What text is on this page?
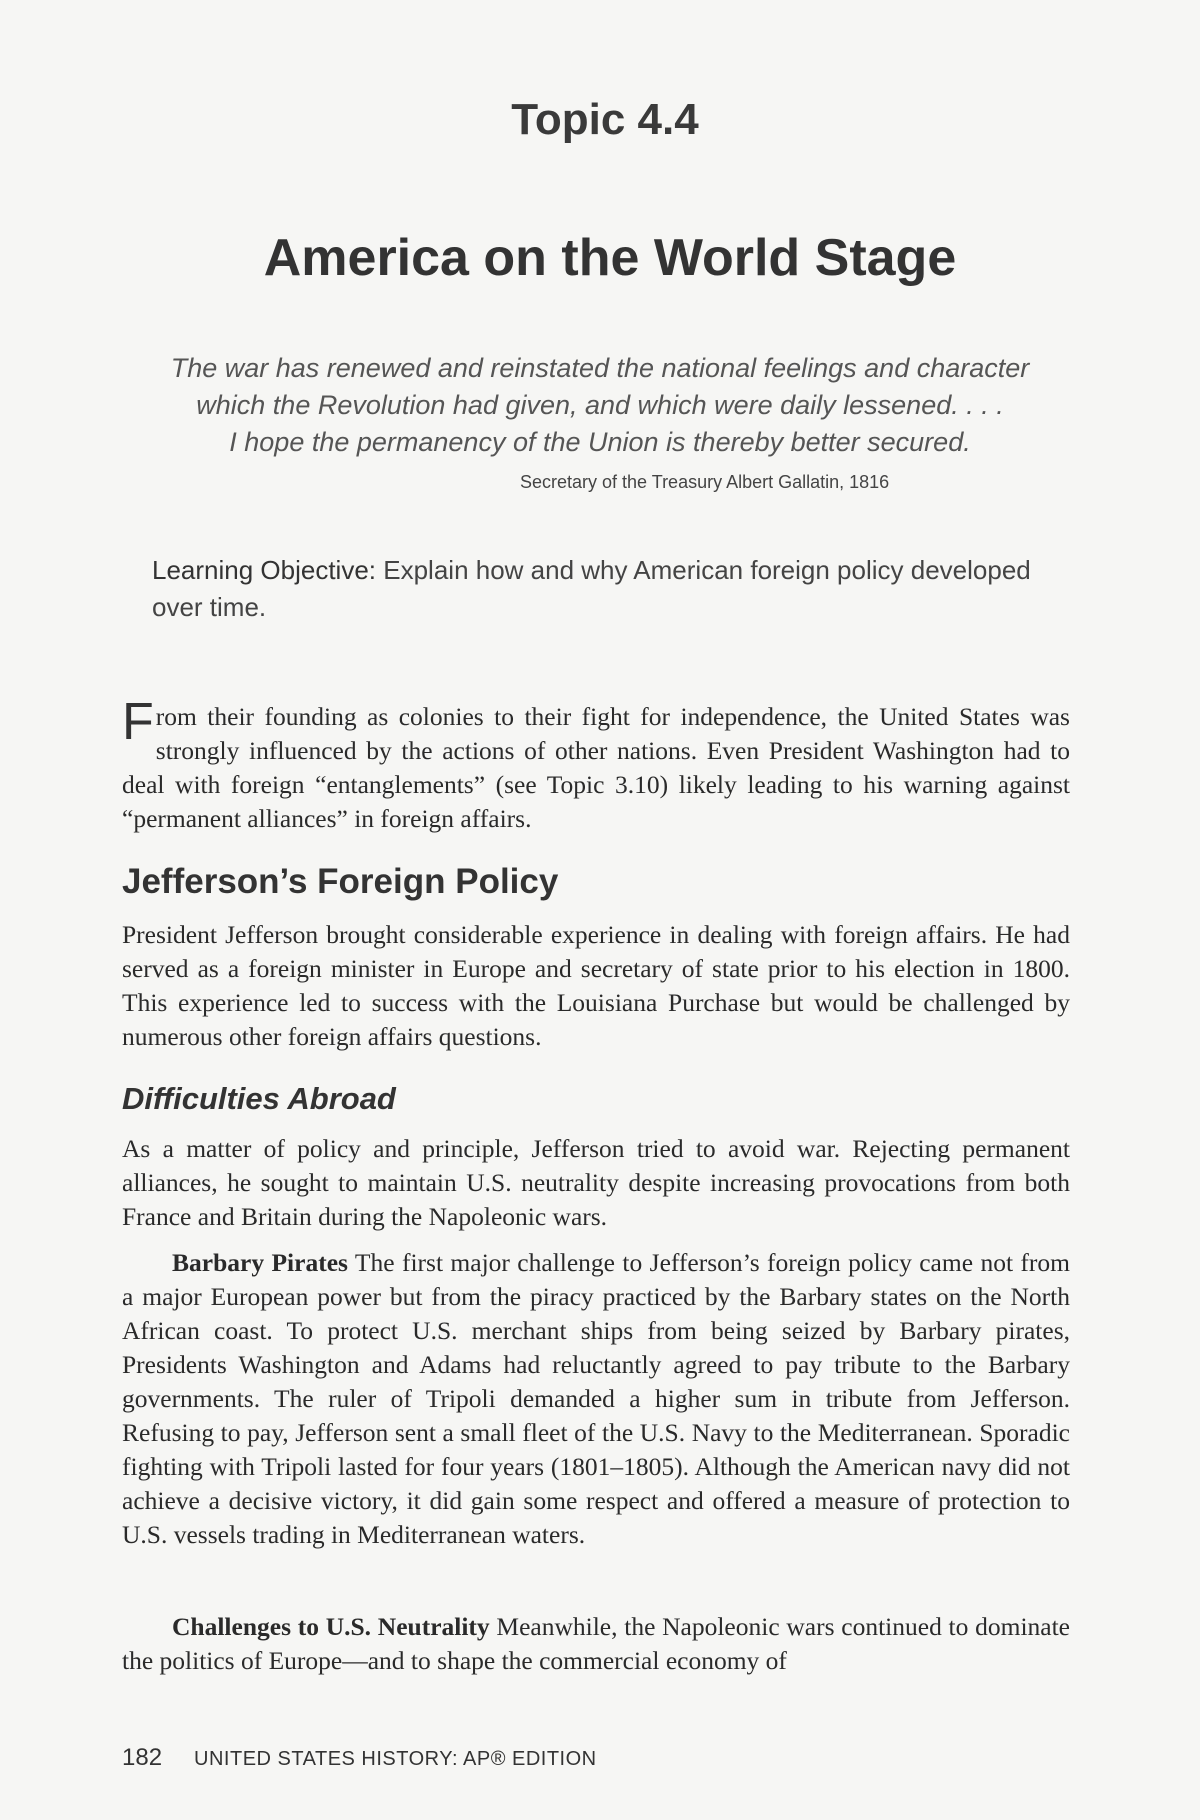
Topic 4.4
America on the World Stage
The war has renewed and reinstated the national feelings and character
which the Revolution had given, and which were daily lessened. . . .
I hope the permanency of the Union is thereby better secured.
Secretary of the Treasury Albert Gallatin, 1816
Learning Objective: Explain how and why American foreign policy developed over time.
From their founding as colonies to their fight for independence, the United States was strongly influenced by the actions of other nations. Even President Washington had to deal with foreign “entanglements” (see Topic 3.10) likely leading to his warning against “permanent alliances” in foreign affairs.
Jefferson’s Foreign Policy
President Jefferson brought considerable experience in dealing with foreign affairs. He had served as a foreign minister in Europe and secretary of state prior to his election in 1800. This experience led to success with the Louisiana Purchase but would be challenged by numerous other foreign affairs questions.
Difficulties Abroad
As a matter of policy and principle, Jefferson tried to avoid war. Rejecting permanent alliances, he sought to maintain U.S. neutrality despite increasing provocations from both France and Britain during the Napoleonic wars.
Barbary Pirates The first major challenge to Jefferson’s foreign policy came not from a major European power but from the piracy practiced by the Barbary states on the North African coast. To protect U.S. merchant ships from being seized by Barbary pirates, Presidents Washington and Adams had reluctantly agreed to pay tribute to the Barbary governments. The ruler of Tripoli demanded a higher sum in tribute from Jefferson. Refusing to pay, Jefferson sent a small fleet of the U.S. Navy to the Mediterranean. Sporadic fighting with Tripoli lasted for four years (1801–1805). Although the American navy did not achieve a decisive victory, it did gain some respect and offered a measure of protection to U.S. vessels trading in Mediterranean waters.
Challenges to U.S. Neutrality Meanwhile, the Napoleonic wars continued to dominate the politics of Europe—and to shape the commercial economy of
182 UNITED STATES HISTORY: AP® EDITION
